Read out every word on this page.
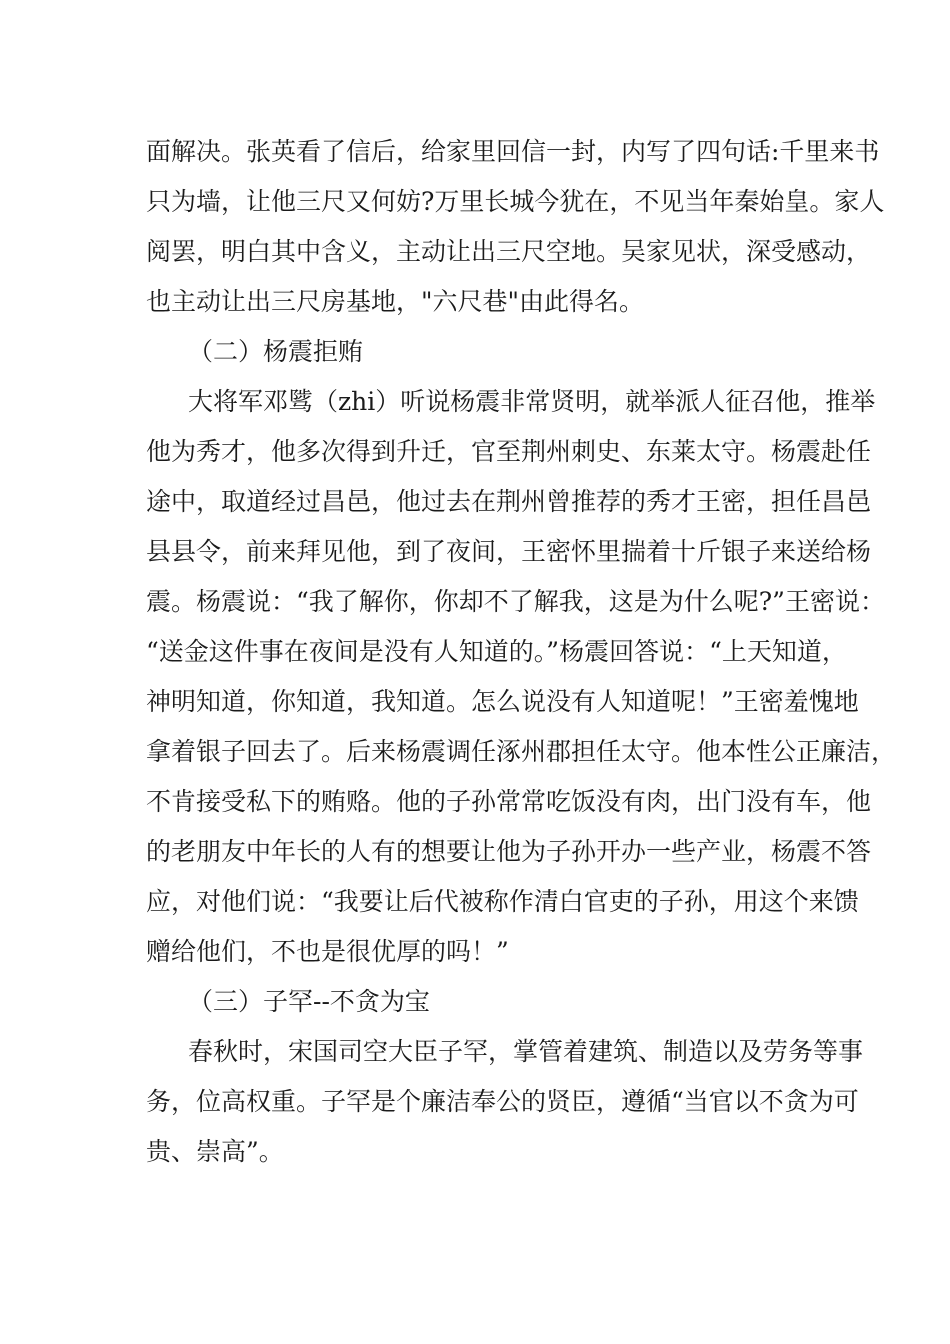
面解决。张英看了信后，给家里回信一封，内写了四句话:千里来书
只为墙，让他三尺又何妨?万里长城今犹在，不见当年秦始皇。家人
阅罢，明白其中含义，主动让出三尺空地。吴家见状，深受感动，
也主动让出三尺房基地，"六尺巷"由此得名。
（二）杨震拒贿
大将军邓骘（zhi）听说杨震非常贤明，就举派人征召他，推举
他为秀才，他多次得到升迁，官至荆州刺史、东莱太守。杨震赴任
途中，取道经过昌邑，他过去在荆州曾推荐的秀才王密，担任昌邑
县县令，前来拜见他，到了夜间，王密怀里揣着十斤银子来送给杨
震。杨震说：“我了解你，你却不了解我，这是为什么呢?”王密说：
“送金这件事在夜间是没有人知道的。”杨震回答说：“上天知道，
神明知道，你知道，我知道。怎么说没有人知道呢！”王密羞愧地
拿着银子回去了。后来杨震调任涿州郡担任太守。他本性公正廉洁，
不肯接受私下的贿赂。他的子孙常常吃饭没有肉，出门没有车，他
的老朋友中年长的人有的想要让他为子孙开办一些产业，杨震不答
应，对他们说：“我要让后代被称作清白官吏的子孙，用这个来馈
赠给他们，不也是很优厚的吗！”
（三）子罕--不贪为宝
春秋时，宋国司空大臣子罕，掌管着建筑、制造以及劳务等事
务，位高权重。子罕是个廉洁奉公的贤臣，遵循“当官以不贪为可
贵、崇高”。
